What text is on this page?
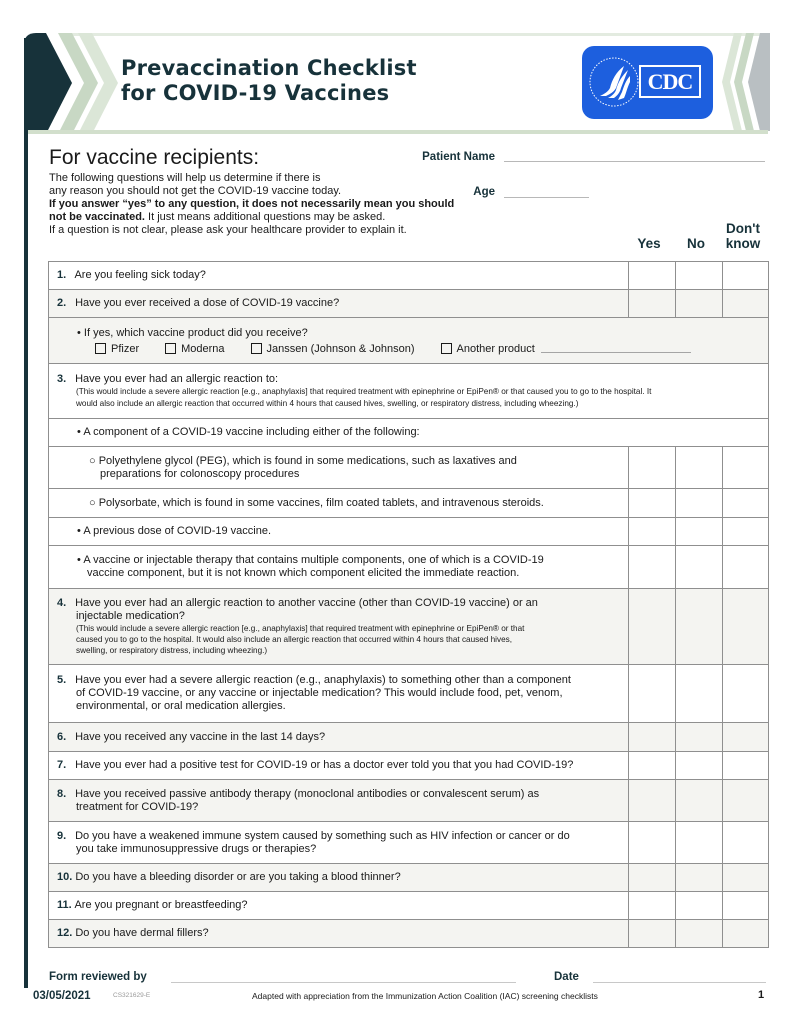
Prevaccination Checklist
for COVID-19 Vaccines	CDC
For vaccine recipients:
The following questions will help us determine if there is
any reason you should not get the COVID-19 vaccine today.
If you answer “yes” to any question, it does not necessarily mean you should not be vaccinated. It just means additional questions may be asked.
If a question is not clear, please ask your healthcare provider to explain it.
Patient Name
Age
Yes	No
Don't
know
1. Are you feeling sick today?
2. Have you ever received a dose of COVID-19 vaccine?
• If yes, which vaccine product did you receive?
Pfizer	Moderna	Janssen (Johnson & Johnson)	Another product
3. Have you ever had an allergic reaction to:
(This would include a severe allergic reaction [e.g., anaphylaxis] that required treatment with epinephrine or EpiPen® or that caused you to go to the hospital. It
would also include an allergic reaction that occurred within 4 hours that caused hives, swelling, or respiratory distress, including wheezing.)
• A component of a COVID-19 vaccine including either of the following:
○ Polyethylene glycol (PEG), which is found in some medications, such as laxatives and
preparations for colonoscopy procedures
○ Polysorbate, which is found in some vaccines, film coated tablets, and intravenous steroids.
• A previous dose of COVID-19 vaccine.
• A vaccine or injectable therapy that contains multiple components, one of which is a COVID-19
vaccine component, but it is not known which component elicited the immediate reaction.
4. Have you ever had an allergic reaction to another vaccine (other than COVID-19 vaccine) or an
injectable medication?
(This would include a severe allergic reaction [e.g., anaphylaxis] that required treatment with epinephrine or EpiPen® or that
caused you to go to the hospital. It would also include an allergic reaction that occurred within 4 hours that caused hives,
swelling, or respiratory distress, including wheezing.)
5. Have you ever had a severe allergic reaction (e.g., anaphylaxis) to something other than a component
of COVID-19 vaccine, or any vaccine or injectable medication? This would include food, pet, venom,
environmental, or oral medication allergies.
6. Have you received any vaccine in the last 14 days?
7. Have you ever had a positive test for COVID-19 or has a doctor ever told you that you had COVID-19?
8. Have you received passive antibody therapy (monoclonal antibodies or convalescent serum) as
treatment for COVID-19?
9. Do you have a weakened immune system caused by something such as HIV infection or cancer or do
you take immunosuppressive drugs or therapies?
10. Do you have a bleeding disorder or are you taking a blood thinner?
11. Are you pregnant or breastfeeding?
12. Do you have dermal fillers?
Form reviewed by	Date
03/05/2021	CS321629-E	Adapted with appreciation from the Immunization Action Coalition (IAC) screening checklists	1
